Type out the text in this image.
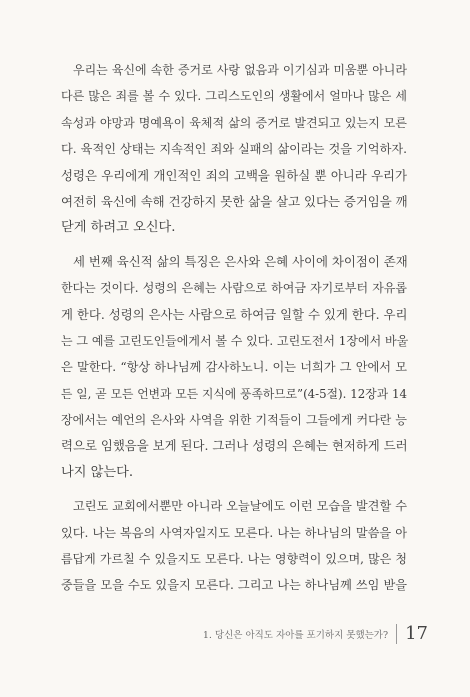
우리는 육신에 속한 증거로 사랑 없음과 이기심과 미움뿐 아니라
다른 많은 죄를 볼 수 있다. 그리스도인의 생활에서 얼마나 많은 세
속성과 야망과 명예욕이 육체적 삶의 증거로 발견되고 있는지 모른
다. 육적인 상태는 지속적인 죄와 실패의 삶이라는 것을 기억하자.
성령은 우리에게 개인적인 죄의 고백을 원하실 뿐 아니라 우리가
여전히 육신에 속해 건강하지 못한 삶을 살고 있다는 증거임을 깨
닫게 하려고 오신다.
세 번째 육신적 삶의 특징은 은사와 은혜 사이에 차이점이 존재
한다는 것이다. 성령의 은혜는 사람으로 하여금 자기로부터 자유롭
게 한다. 성령의 은사는 사람으로 하여금 일할 수 있게 한다. 우리
는 그 예를 고린도인들에게서 볼 수 있다. 고린도전서 1장에서 바울
은 말한다. “항상 하나님께 감사하노니. 이는 너희가 그 안에서 모
든 일, 곧 모든 언변과 모든 지식에 풍족하므로”(4-5절). 12장과 14
장에서는 예언의 은사와 사역을 위한 기적들이 그들에게 커다란 능
력으로 임했음을 보게 된다. 그러나 성령의 은혜는 현저하게 드러
나지 않는다.
고린도 교회에서뿐만 아니라 오늘날에도 이런 모습을 발견할 수
있다. 나는 복음의 사역자일지도 모른다. 나는 하나님의 말씀을 아
름답게 가르칠 수 있을지도 모른다. 나는 영향력이 있으며, 많은 청
중들을 모을 수도 있을지 모른다. 그리고 나는 하나님께 쓰임 받을
1. 당신은 아직도 자아를 포기하지 못했는가? 17
